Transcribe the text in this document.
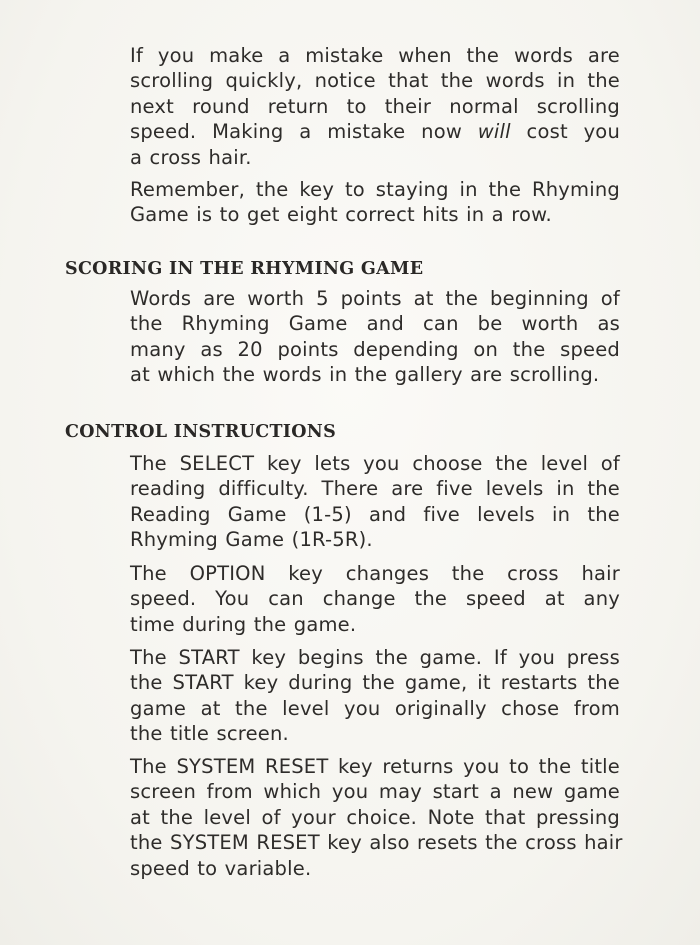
If you make a mistake when the words are
scrolling quickly, notice that the words in the
next round return to their normal scrolling
speed. Making a mistake now will cost you
a cross hair.
Remember, the key to staying in the Rhyming
Game is to get eight correct hits in a row.
SCORING IN THE RHYMING GAME
Words are worth 5 points at the beginning of
the Rhyming Game and can be worth as
many as 20 points depending on the speed
at which the words in the gallery are scrolling.
CONTROL INSTRUCTIONS
The SELECT key lets you choose the level of
reading difficulty. There are five levels in the
Reading Game (1-5) and five levels in the
Rhyming Game (1R-5R).
The OPTION key changes the cross hair
speed. You can change the speed at any
time during the game.
The START key begins the game. If you press
the START key during the game, it restarts the
game at the level you originally chose from
the title screen.
The SYSTEM RESET key returns you to the title
screen from which you may start a new game
at the level of your choice. Note that pressing
the SYSTEM RESET key also resets the cross hair
speed to variable.
